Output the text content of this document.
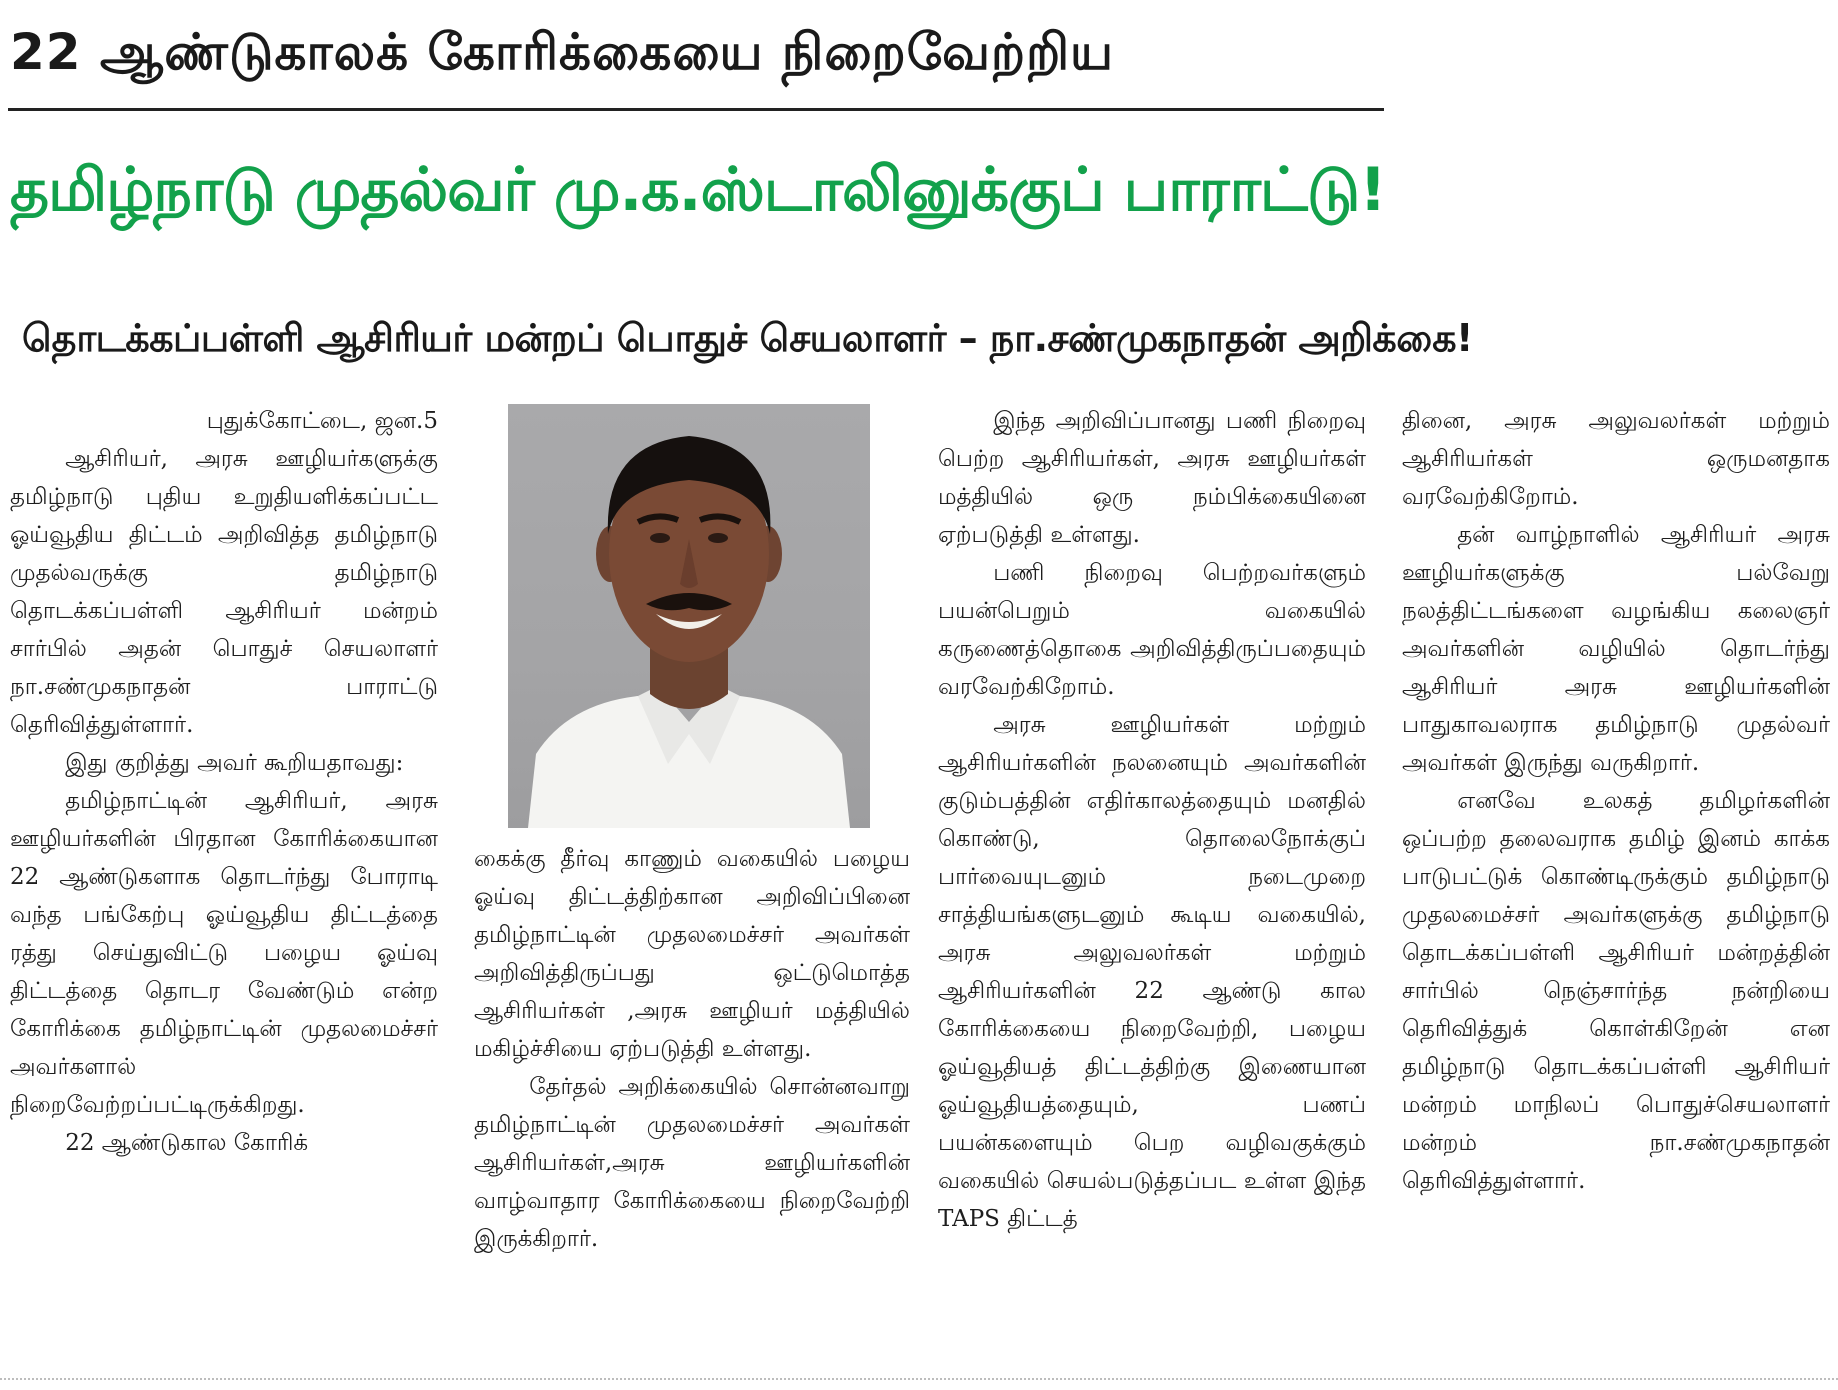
22 ஆண்டுகாலக் கோரிக்கையை நிறைவேற்றிய
தமிழ்நாடு முதல்வர் மு.க.ஸ்டாலினுக்குப் பாராட்டு!
தொடக்கப்பள்ளி ஆசிரியர் மன்றப் பொதுச் செயலாளர் – நா.சண்முகநாதன் அறிக்கை!

புதுக்கோட்டை, ஜன.5

ஆசிரியர், அரசு ஊழியர்களுக்கு தமிழ்நாடு புதிய உறுதியளிக்கப்பட்ட ஓய்வூதிய திட்டம் அறிவித்த தமிழ்நாடு முதல்வருக்கு தமிழ்நாடு தொடக்கப்பள்ளி ஆசிரியர் மன்றம் சார்பில் அதன் பொதுச் செயலாளர் நா.சண்முகநாதன் பாராட்டு தெரிவித்துள்ளார்.

இது குறித்து அவர் கூறியதாவது:

தமிழ்நாட்டின் ஆசிரியர், அரசு ஊழியர்களின் பிரதான கோரிக்கையான 22 ஆண்டுகளாக தொடர்ந்து போராடி வந்த பங்கேற்பு ஓய்வூதிய திட்டத்தை ரத்து செய்துவிட்டு பழைய ஓய்வு திட்டத்தை தொடர வேண்டும் என்ற கோரிக்கை தமிழ்நாட்டின் முதலமைச்சர் அவர்களால் நிறைவேற்றப்பட்டிருக்கிறது.

22 ஆண்டுகால கோரிக்

கைக்கு தீர்வு காணும் வகையில் பழைய ஓய்வு திட்டத்திற்கான அறிவிப்பினை தமிழ்நாட்டின் முதலமைச்சர் அவர்கள் அறிவித்திருப்பது ஒட்டுமொத்த ஆசிரியர்கள் ,அரசு ஊழியர் மத்தியில் மகிழ்ச்சியை ஏற்படுத்தி உள்ளது.

தேர்தல் அறிக்கையில் சொன்னவாறு தமிழ்நாட்டின் முதலமைச்சர் அவர்கள் ஆசிரியர்கள்,அரசு ஊழியர்களின் வாழ்வாதார கோரிக்கையை நிறைவேற்றி இருக்கிறார்.

இந்த அறிவிப்பானது பணி நிறைவு பெற்ற ஆசிரியர்கள், அரசு ஊழியர்கள் மத்தியில் ஒரு நம்பிக்கையினை ஏற்படுத்தி உள்ளது.

பணி நிறைவு பெற்றவர்களும் பயன்பெறும் வகையில் கருணைத்தொகை அறிவித்திருப்பதையும் வரவேற்கிறோம்.

அரசு ஊழியர்கள் மற்றும் ஆசிரியர்களின் நலனையும் அவர்களின் குடும்பத்தின் எதிர்காலத்தையும் மனதில் கொண்டு, தொலைநோக்குப் பார்வையுடனும் நடைமுறை சாத்தியங்களுடனும் கூடிய வகையில், அரசு அலுவலர்கள் மற்றும் ஆசிரியர்களின் 22 ஆண்டு கால கோரிக்கையை நிறைவேற்றி, பழைய ஓய்வூதியத் திட்டத்திற்கு இணையான ஓய்வூதியத்தையும், பணப் பயன்களையும் பெற வழிவகுக்கும் வகையில் செயல்படுத்தப்பட உள்ள இந்த TAPS திட்டத்

தினை, அரசு அலுவலர்கள் மற்றும் ஆசிரியர்கள் ஒருமனதாக வரவேற்கிறோம்.

தன் வாழ்நாளில் ஆசிரியர் அரசு ஊழியர்களுக்கு பல்வேறு நலத்திட்டங்களை வழங்கிய கலைஞர் அவர்களின் வழியில் தொடர்ந்து ஆசிரியர் அரசு ஊழியர்களின் பாதுகாவலராக தமிழ்நாடு முதல்வர் அவர்கள் இருந்து வருகிறார்.

எனவே உலகத் தமிழர்களின் ஒப்பற்ற தலைவராக தமிழ் இனம் காக்க பாடுபட்டுக் கொண்டிருக்கும் தமிழ்நாடு முதலமைச்சர் அவர்களுக்கு தமிழ்நாடு தொடக்கப்பள்ளி ஆசிரியர் மன்றத்தின் சார்பில் நெஞ்சார்ந்த நன்றியை தெரிவித்துக் கொள்கிறேன் என தமிழ்நாடு தொடக்கப்பள்ளி ஆசிரியர் மன்றம் மாநிலப் பொதுச்செயலாளர் மன்றம் நா.சண்முகநாதன் தெரிவித்துள்ளார்.
